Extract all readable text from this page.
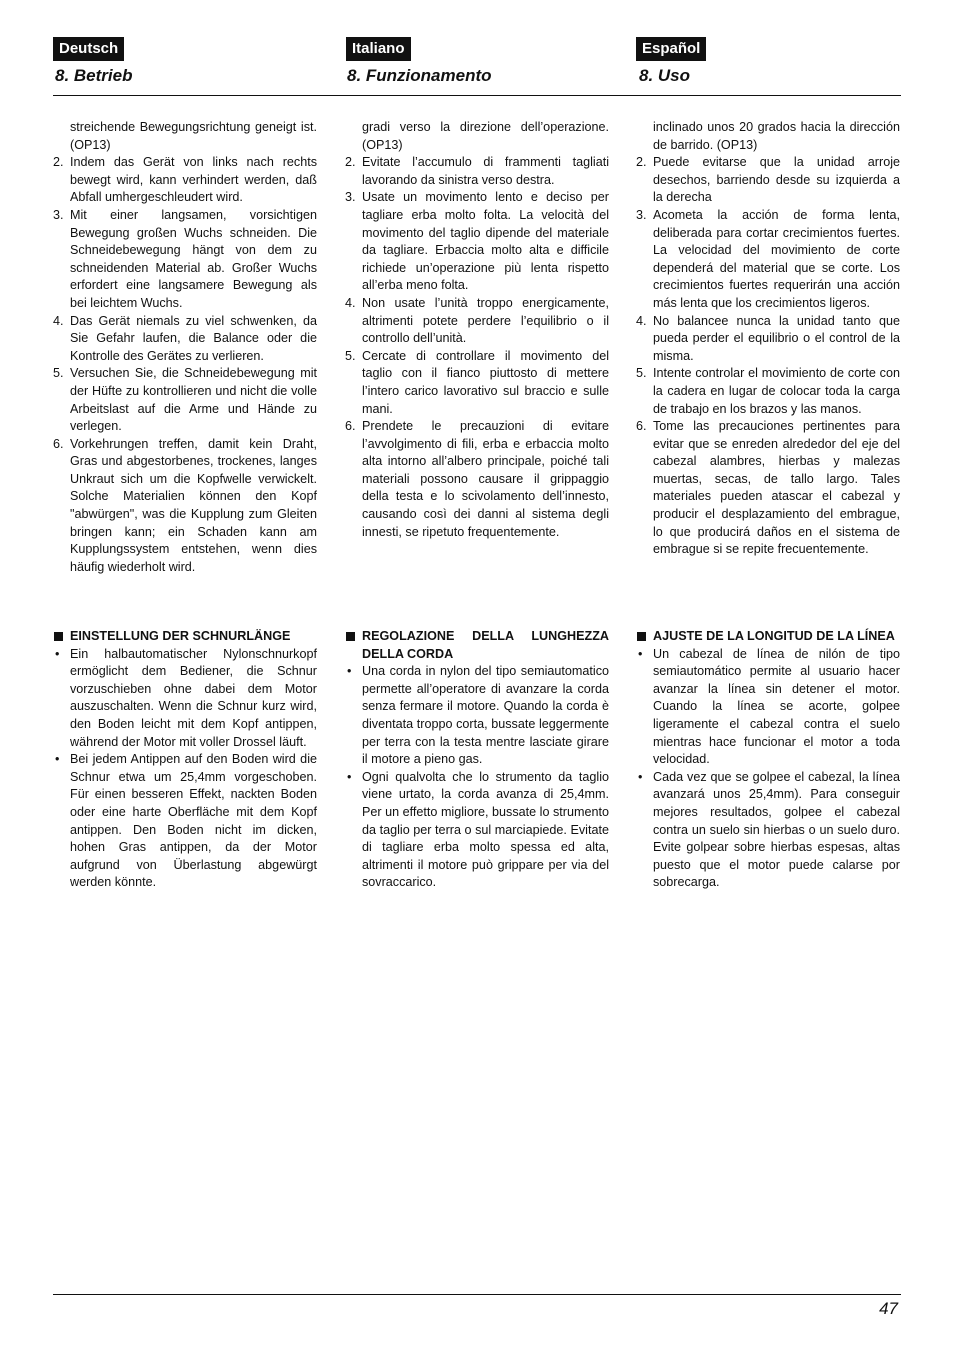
Deutsch
8. Betrieb
Italiano
8. Funzionamento
Español
8. Uso

streichende Bewegungsrichtung geneigt ist. (OP13)

2. Indem das Gerät von links nach rechts bewegt wird, kann verhindert werden, daß Abfall umhergeschleudert wird.
3. Mit einer langsamen, vorsichtigen Bewegung großen Wuchs schneiden. Die Schneidebewegung hängt von dem zu schneidenden Material ab. Großer Wuchs erfordert eine langsamere Bewegung als bei leichtem Wuchs.
4. Das Gerät niemals zu viel schwenken, da Sie Gefahr laufen, die Balance oder die Kontrolle des Gerätes zu verlieren.
5. Versuchen Sie, die Schneidebewegung mit der Hüfte zu kontrollieren und nicht die volle Arbeitslast auf die Arme und Hände zu verlegen.
6. Vorkehrungen treffen, damit kein Draht, Gras und abgestorbenes, trockenes, langes Unkraut sich um die Kopfwelle verwickelt. Solche Materialien können den Kopf "abwürgen", was die Kupplung zum Gleiten bringen kann; ein Schaden kann am Kupplungssystem entstehen, wenn dies häufig wiederholt wird.

gradi verso la direzione dell’operazione. (OP13)

2. Evitate l’accumulo di frammenti tagliati lavorando da sinistra verso destra.
3. Usate un movimento lento e deciso per tagliare erba molto folta. La velocità del movimento del taglio dipende del materiale da tagliare. Erbaccia molto alta e difficile richiede un’operazione più lenta rispetto all’erba meno folta.
4. Non usate l’unità troppo energicamente, altrimenti potete perdere l’equilibrio o il controllo dell’unità.
5. Cercate di controllare il movimento del taglio con il fianco piuttosto di mettere l’intero carico lavorativo sul braccio e sulle mani.
6. Prendete le precauzioni di evitare l’avvolgimento di fili, erba e erbaccia molto alta intorno all’albero principale, poiché tali materiali possono causare il grippaggio della testa e lo scivolamento dell’innesto, causando così dei danni al sistema degli innesti, se ripetuto frequentemente.

inclinado unos 20 grados hacia la dirección de barrido. (OP13)

2. Puede evitarse que la unidad arroje desechos, barriendo desde su izquierda a la derecha
3. Acometa la acción de forma lenta, deliberada para cortar crecimientos fuertes. La velocidad del movimiento de corte dependerá del material que se corte. Los crecimientos fuertes requerirán una acción más lenta que los crecimientos ligeros.
4. No balancee nunca la unidad tanto que pueda perder el equilibrio o el control de la misma.
5. Intente controlar el movimiento de corte con la cadera en lugar de colocar toda la carga de trabajo en los brazos y las manos.
6. Tome las precauciones pertinentes para evitar que se enreden alrededor del eje del cabezal alambres, hierbas y malezas muertas, secas, de tallo largo. Tales materiales pueden atascar el cabezal y producir el desplazamiento del embrague, lo que producirá daños en el sistema de embrague si se repite frecuentemente.

EINSTELLUNG DER SCHNURLÄNGE

• Ein halbautomatischer Nylonschnurkopf ermöglicht dem Bediener, die Schnur vorzuschieben ohne dabei dem Motor auszuschalten. Wenn die Schnur kurz wird, den Boden leicht mit dem Kopf antippen, während der Motor mit voller Drossel läuft.
• Bei jedem Antippen auf den Boden wird die Schnur etwa um 25,4mm vorgeschoben. Für einen besseren Effekt, nackten Boden oder eine harte Oberfläche mit dem Kopf antippen. Den Boden nicht im dicken, hohen Gras antippen, da der Motor aufgrund von Überlastung abgewürgt werden könnte.

REGOLAZIONE DELLA LUNGHEZZA DELLA CORDA

• Una corda in nylon del tipo semiautomatico permette all’operatore di avanzare la corda senza fermare il motore. Quando la corda è diventata troppo corta, bussate leggermente per terra con la testa mentre lasciate girare il motore a pieno gas.
• Ogni qualvolta che lo strumento da taglio viene urtato, la corda avanza di 25,4mm. Per un effetto migliore, bussate lo strumento da taglio per terra o sul marciapiede. Evitate di tagliare erba molto spessa ed alta, altrimenti il motore può grippare per via del sovraccarico.

AJUSTE DE LA LONGITUD DE LA LÍNEA

• Un cabezal de línea de nilón de tipo semiautomático permite al usuario hacer avanzar la línea sin detener el motor. Cuando la línea se acorte, golpee ligeramente el cabezal contra el suelo mientras hace funcionar el motor a toda velocidad.
• Cada vez que se golpee el cabezal, la línea avanzará unos 25,4mm). Para conseguir mejores resultados, golpee el cabezal contra un suelo sin hierbas o un suelo duro. Evite golpear sobre hierbas espesas, altas puesto que el motor puede calarse por sobrecarga.
47
